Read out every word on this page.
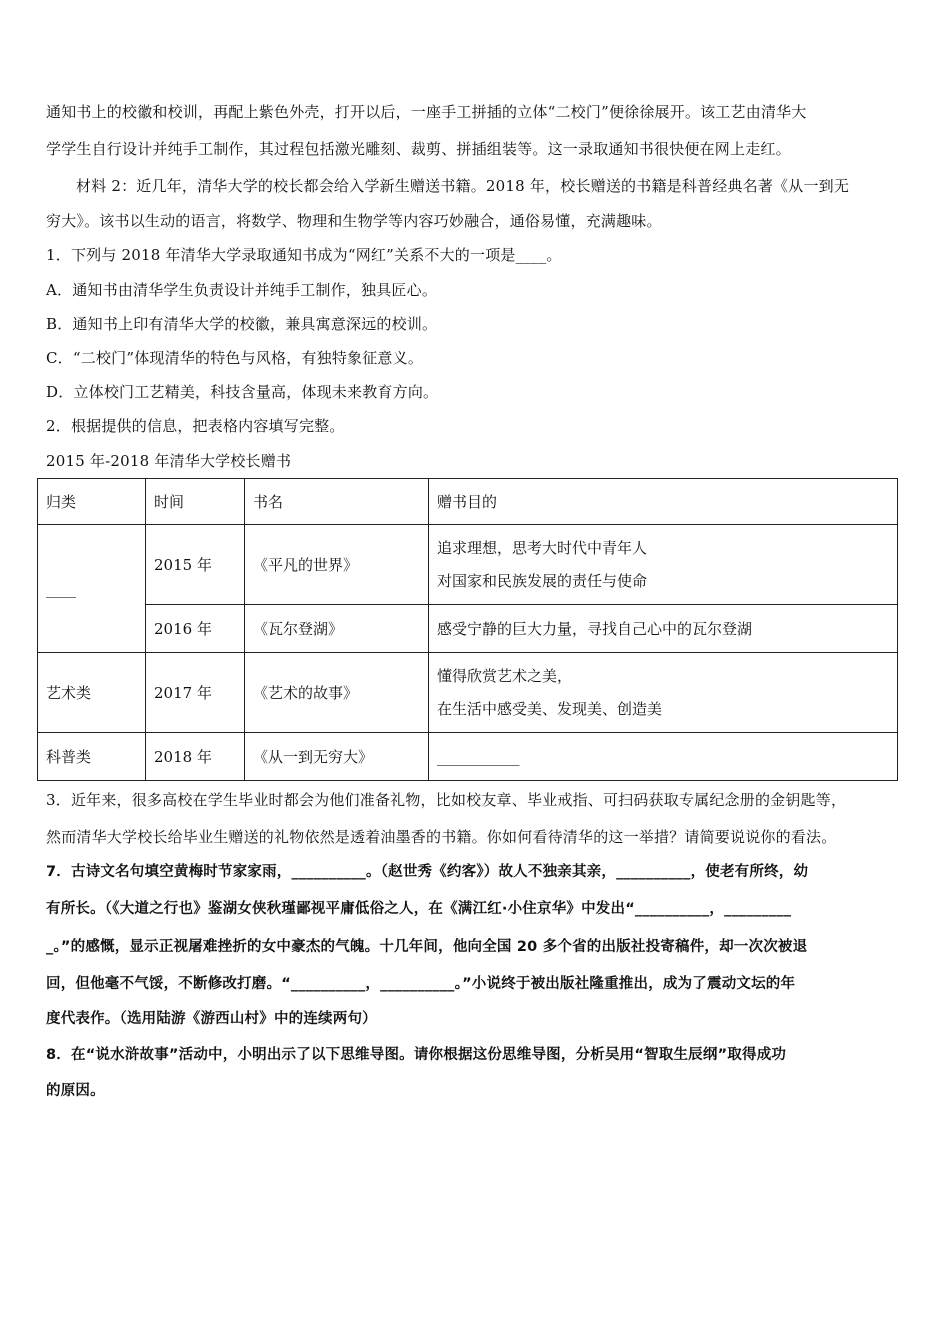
通知书上的校徽和校训，再配上紫色外壳，打开以后，一座手工拼插的立体“二校门”便徐徐展开。该工艺由清华大
学学生自行设计并纯手工制作，其过程包括激光雕刻、裁剪、拼插组装等。这一录取通知书很快便在网上走红。
材料 2：近几年，清华大学的校长都会给入学新生赠送书籍。2018 年，校长赠送的书籍是科普经典名著《从一到无
穷大》。该书以生动的语言，将数学、物理和生物学等内容巧妙融合，通俗易懂，充满趣味。
1．下列与 2018 年清华大学录取通知书成为“网红”关系不大的一项是____。
A．通知书由清华学生负责设计并纯手工制作，独具匠心。
B．通知书上印有清华大学的校徽，兼具寓意深远的校训。
C．“二校门”体现清华的特色与风格，有独特象征意义。
D．立体校门工艺精美，科技含量高，体现未来教育方向。
2．根据提供的信息，把表格内容填写完整。
2015 年-2018 年清华大学校长赠书
归类	时间	书名	赠书目的
____	2015 年	《平凡的世界》	追求理想，思考大时代中青年人
对国家和民族发展的责任与使命

	2016 年	《瓦尔登湖》	感受宁静的巨大力量，寻找自己心中的瓦尔登湖
艺术类	2017 年	《艺术的故事》	懂得欣赏艺术之美，
在生活中感受美、发现美、创造美

科普类	2018 年	《从一到无穷大》	___________
3．近年来，很多高校在学生毕业时都会为他们准备礼物，比如校友章、毕业戒指、可扫码获取专属纪念册的金钥匙等，
然而清华大学校长给毕业生赠送的礼物依然是透着油墨香的书籍。你如何看待清华的这一举措？请简要说说你的看法。
7．古诗文名句填空黄梅时节家家雨，__________。（赵世秀《约客》）故人不独亲其亲，__________，使老有所终，幼
有所长。（《大道之行也》鉴湖女侠秋瑾鄙视平庸低俗之人，在《满江红·小住京华》中发出“__________，_________
_。”的感慨，显示正视屠难挫折的女中豪杰的气魄。十几年间，他向全国 20 多个省的出版社投寄稿件，却一次次被退
回，但他毫不气馁，不断修改打磨。“__________，__________。”小说终于被出版社隆重推出，成为了震动文坛的年
度代表作。（选用陆游《游西山村》中的连续两句）
8．在“说水浒故事”活动中，小明出示了以下思维导图。请你根据这份思维导图，分析吴用“智取生辰纲”取得成功
的原因。
